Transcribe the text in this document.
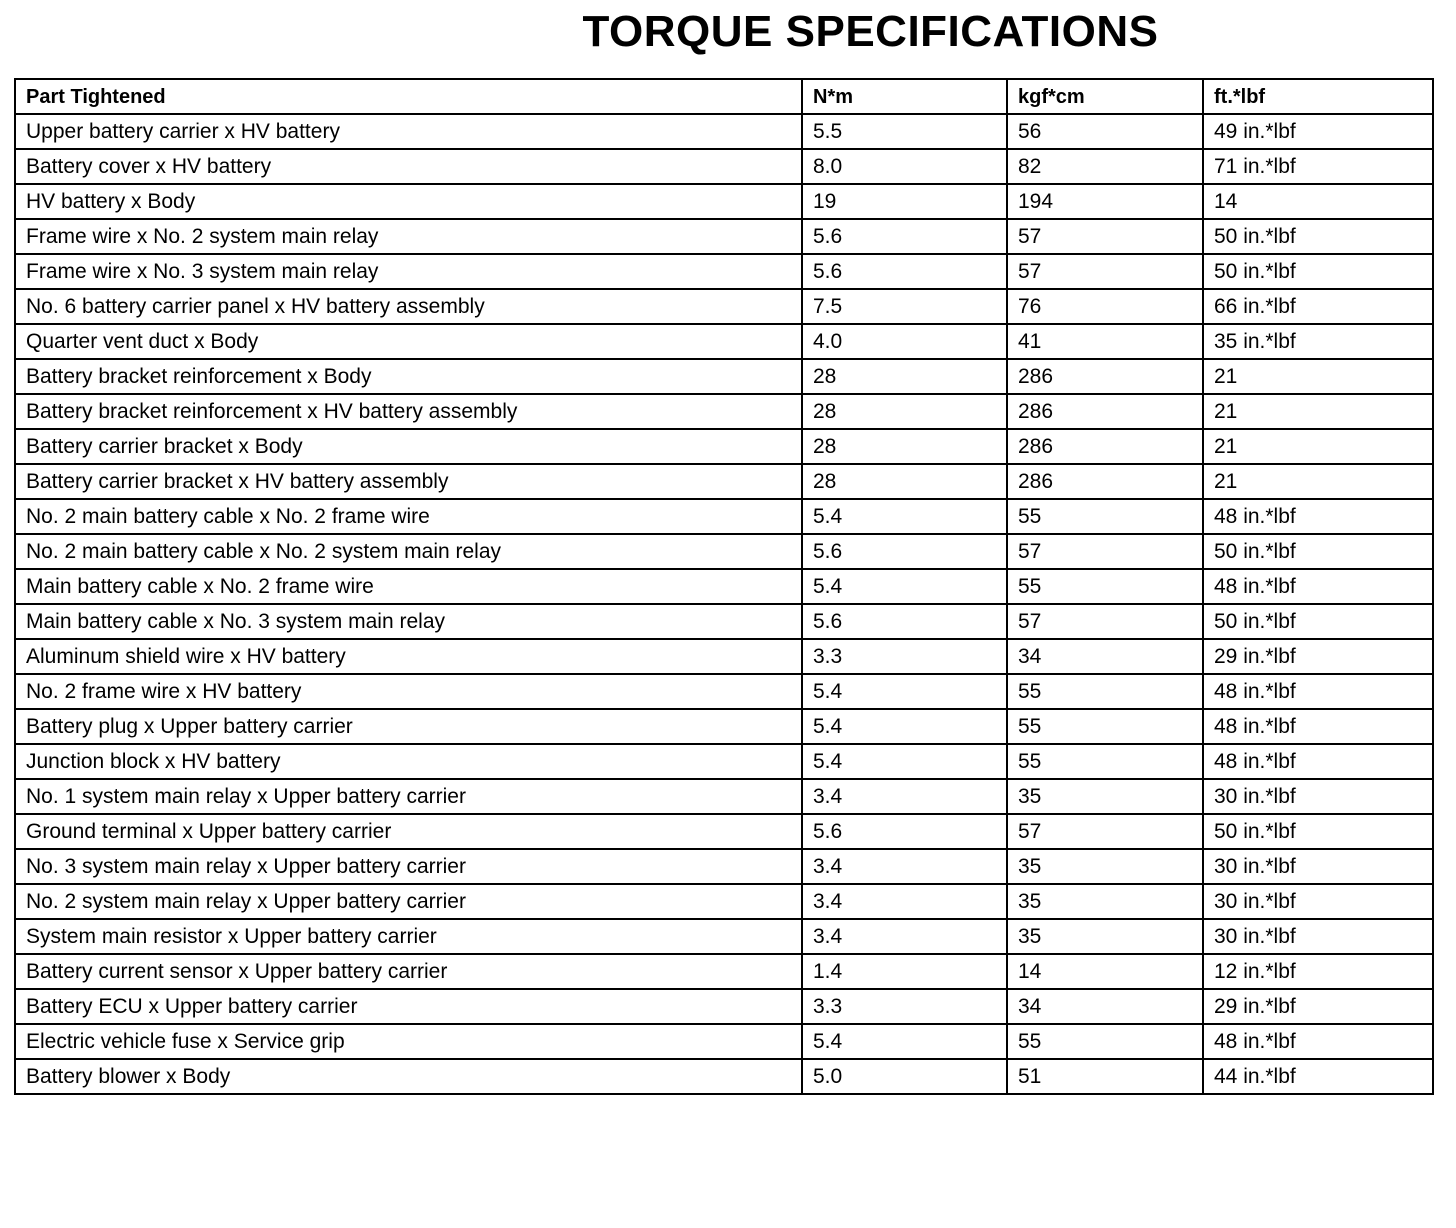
TORQUE SPECIFICATIONS
Part Tightened	N*m	kgf*cm	ft.*lbf
Upper battery carrier x HV battery	5.5	56	49 in.*lbf
Battery cover x HV battery	8.0	82	71 in.*lbf
HV battery x Body	19	194	14
Frame wire x No. 2 system main relay	5.6	57	50 in.*lbf
Frame wire x No. 3 system main relay	5.6	57	50 in.*lbf
No. 6 battery carrier panel x HV battery assembly	7.5	76	66 in.*lbf
Quarter vent duct x Body	4.0	41	35 in.*lbf
Battery bracket reinforcement x Body	28	286	21
Battery bracket reinforcement x HV battery assembly	28	286	21
Battery carrier bracket x Body	28	286	21
Battery carrier bracket x HV battery assembly	28	286	21
No. 2 main battery cable x No. 2 frame wire	5.4	55	48 in.*lbf
No. 2 main battery cable x No. 2 system main relay	5.6	57	50 in.*lbf
Main battery cable x No. 2 frame wire	5.4	55	48 in.*lbf
Main battery cable x No. 3 system main relay	5.6	57	50 in.*lbf
Aluminum shield wire x HV battery	3.3	34	29 in.*lbf
No. 2 frame wire x HV battery	5.4	55	48 in.*lbf
Battery plug x Upper battery carrier	5.4	55	48 in.*lbf
Junction block x HV battery	5.4	55	48 in.*lbf
No. 1 system main relay x Upper battery carrier	3.4	35	30 in.*lbf
Ground terminal x Upper battery carrier	5.6	57	50 in.*lbf
No. 3 system main relay x Upper battery carrier	3.4	35	30 in.*lbf
No. 2 system main relay x Upper battery carrier	3.4	35	30 in.*lbf
System main resistor x Upper battery carrier	3.4	35	30 in.*lbf
Battery current sensor x Upper battery carrier	1.4	14	12 in.*lbf
Battery ECU x Upper battery carrier	3.3	34	29 in.*lbf
Electric vehicle fuse x Service grip	5.4	55	48 in.*lbf
Battery blower x Body	5.0	51	44 in.*lbf
